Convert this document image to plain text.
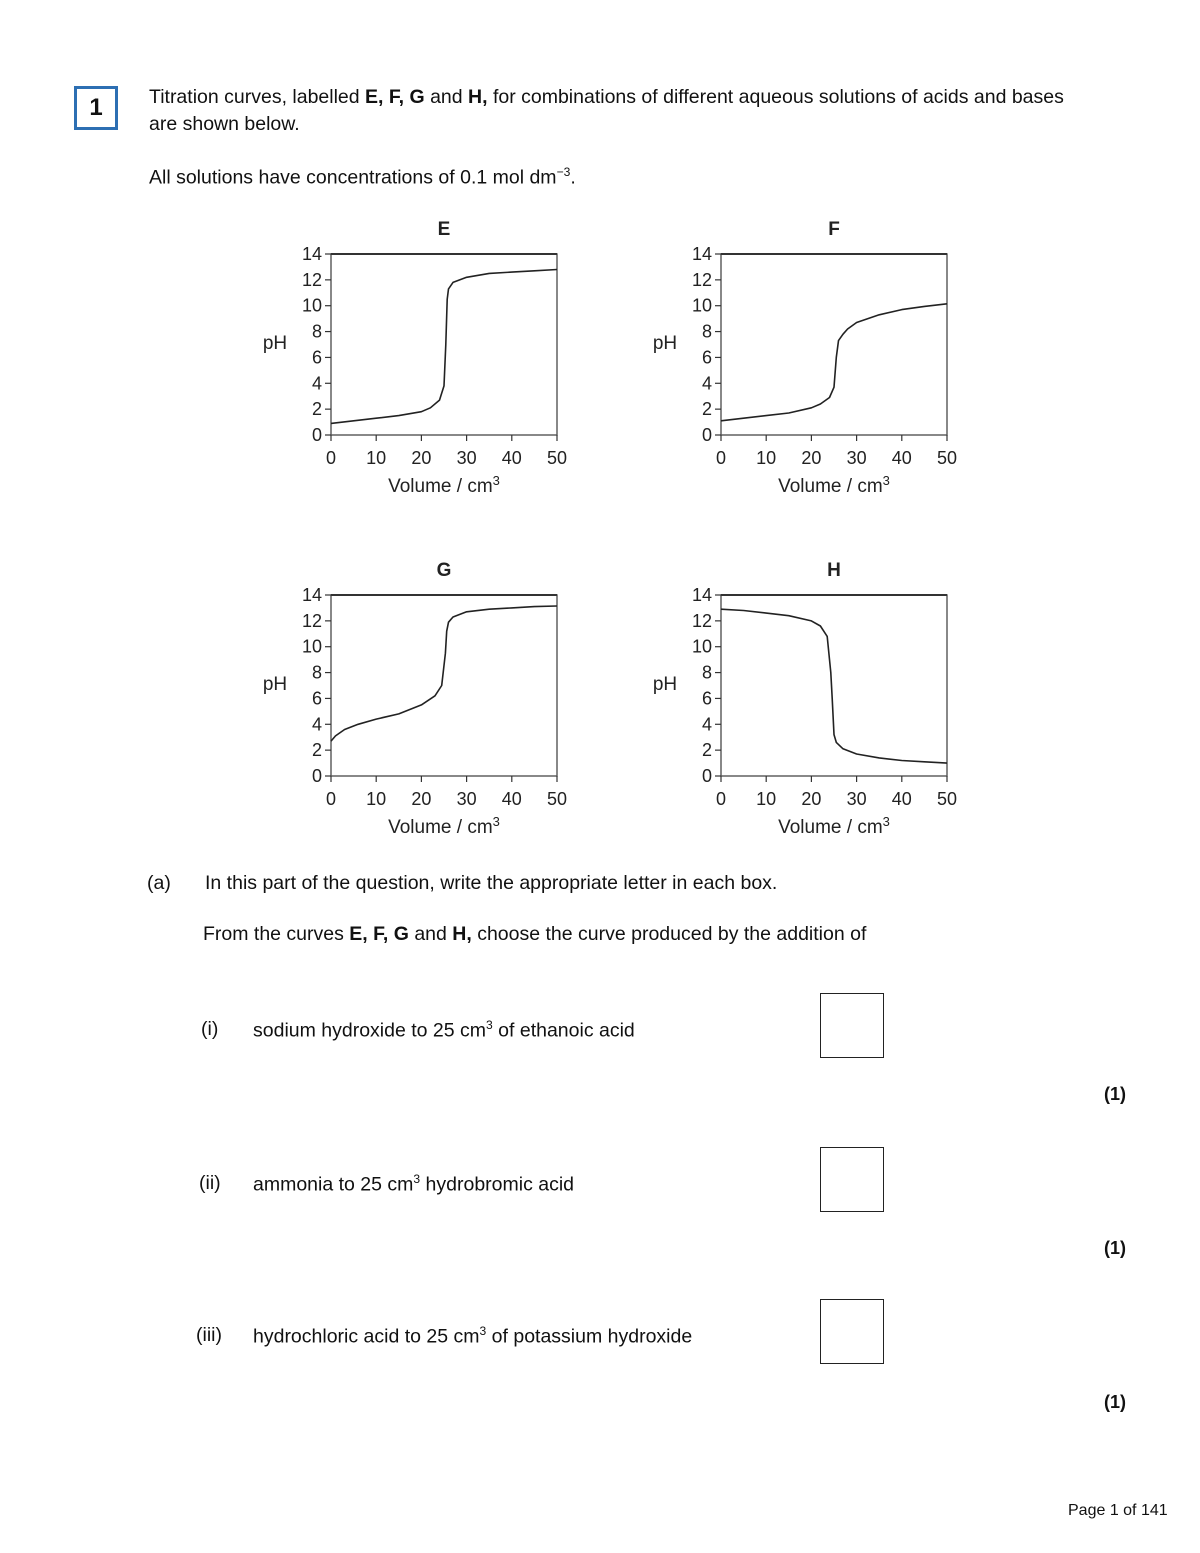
1 Titration curves, labelled E, F, G and H, for combinations of different aqueous solutions of acids and bases are shown below.
All solutions have concentrations of 0.1 mol $dm^{-3}$.
E
0
2
4
6
8
10
12
14
0 10 20 30 40 50
pH
Volume / $cm^3$
F
0
2
4
6
8
10
12
14
0 10 20 30 40 50
pH
Volume / $cm^3$
G
0
2
4
6
8
10
12
14
0 10 20 30 40 50
pH
Volume / $cm^3$
H
0
2
4
6
8
10
12
14
0 10 20 30 40 50
pH
Volume / $cm^3$
(a) In this part of the question, write the appropriate letter in each box.
From the curves E, F, G and H, choose the curve produced by the addition of
(i) sodium hydroxide to 25 $cm^3$ of ethanoic acid
(1)
(ii) ammonia to 25 $cm^3$ hydrobromic acid
(1)
(iii) hydrochloric acid to 25 $cm^3$ of potassium hydroxide
(1)
Page 1 of 141
